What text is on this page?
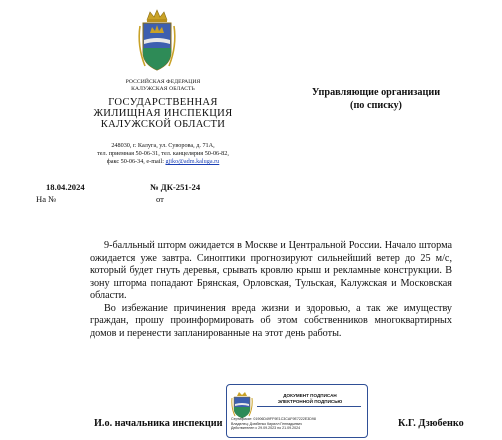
РОССИЙСКАЯ ФЕДЕРАЦИЯ
КАЛУЖСКАЯ ОБЛАСТЬ
ГОСУДАРСТВЕННАЯ
ЖИЛИЩНАЯ ИНСПЕКЦИЯ
КАЛУЖСКОЙ ОБЛАСТИ
248030, г. Калуга, ул. Суворова, д. 71А,
тел. приемная 50-06-31, тел. канцелярия 50-06-82,
факс 50-06-34, e-mail: gjiko@adm.kaluga.ru
Управляющие организации
(по списку)
18.04.2024	№ ДК-251-24
На №	от

9-балльный шторм ожидается в Москве и Центральной России. Начало шторма ожидается уже завтра. Синоптики прогнозируют сильнейший ветер до 25 м/с, который будет гнуть деревья, срывать кровлю крыш и рекламные конструкции. В зону шторма попадают Брянская, Орловская, Тульская, Калужская и Московская области.

Во избежание причинения вреда жизни и здоровью, а так же имуществу граждан, прошу проинформировать об этом собственников многоквартирных домов и перенести запланированные на этот день работы.

И.о. начальника инспекции
ДОКУМЕНТ ПОДПИСАН
ЭЛЕКТРОННОЙ ПОДПИСЬЮ
Сертификат: 01906D49FF9E1C3CAF9E7222E3D98
Владелец: Дзюбенко Кирилл Геннадьевич
Действителен с 29.09.2023 по 21.09.2024	К.Г. Дзюбенко
